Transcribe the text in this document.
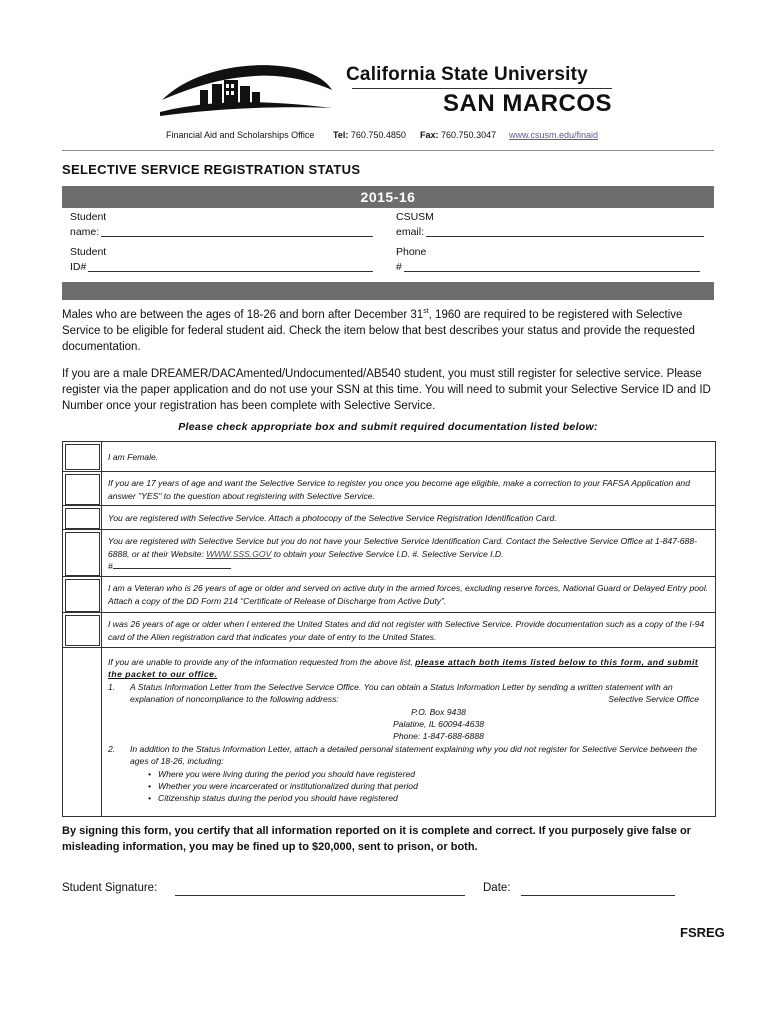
California State University
SAN MARCOS
Financial Aid and Scholarships Office Tel: 760.750.4850 Fax: 760.750.3047 www.csusm.edu/finaid
SELECTIVE SERVICE REGISTRATION STATUS
2015-16
Student
name:
CSUSM
email:
Student
ID#
Phone
#
Males who are between the ages of 18-26 and born after December 31st, 1960 are required to be registered with Selective Service to be eligible for federal student aid. Check the item below that best describes your status and provide the requested documentation.
If you are a male DREAMER/DACAmented/Undocumented/AB540 student, you must still register for selective service. Please register via the paper application and do not use your SSN at this time. You will need to submit your Selective Service ID and ID Number once your registration has been complete with Selective Service.
Please check appropriate box and submit required documentation listed below:
I am Female.
If you are 17 years of age and want the Selective Service to register you once you become age eligible, make a correction to your FAFSA Application and answer "YES" to the question about registering with Selective Service.
You are registered with Selective Service. Attach a photocopy of the Selective Service Registration Identification Card.
You are registered with Selective Service but you do not have your Selective Service Identification Card. Contact the Selective Service Office at 1-847-688-6888, or at their Website: WWW.SSS.GOV to obtain your Selective Service I.D. #. Selective Service I.D.
#
I am a Veteran who is 26 years of age or older and served on active duty in the armed forces, excluding reserve forces, National Guard or Delayed Entry pool. Attach a copy of the DD Form 214 “Certificate of Release of Discharge from Active Duty”.
I was 26 years of age or older when I entered the United States and did not register with Selective Service. Provide documentation such as a copy of the I-94 card of the Alien registration card that indicates your date of entry to the United States.
If you are unable to provide any of the information requested from the above list, please attach both items listed below to this form, and submit the packet to our office.
1. A Status Information Letter from the Selective Service Office. You can obtain a Status Information Letter by sending a written statement with an explanation of noncompliance to the following address:	Selective Service Office
P.O. Box 9438
Palatine, IL 60094-4638
Phone: 1-847-688-6888
2. In addition to the Status Information Letter, attach a detailed personal statement explaining why you did not register for Selective Service between the ages of 18-26, including:
• Where you were living during the period you should have registered
• Whether you were incarcerated or institutionalized during that period
• Citizenship status during the period you should have registered
By signing this form, you certify that all information reported on it is complete and correct. If you purposely give false or misleading information, you may be fined up to $20,000, sent to prison, or both.
Student Signature:	Date:
FSREG
